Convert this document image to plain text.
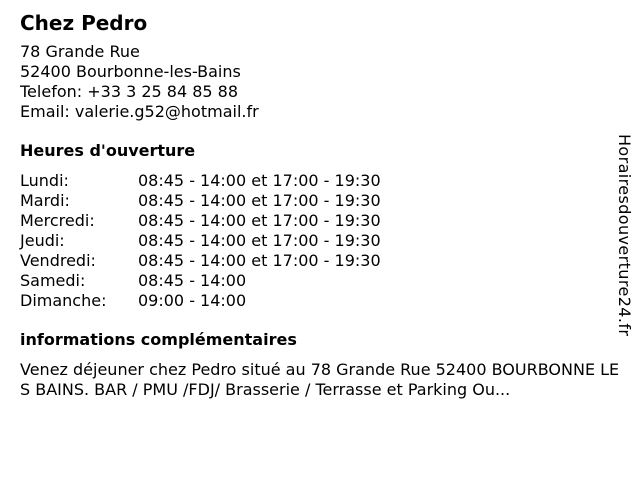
Chez Pedro
78 Grande Rue
52400 Bourbonne-les-Bains
Telefon: +33 3 25 84 85 88
Email: valerie.g52@hotmail.fr
Heures d'ouverture
Lundi:	08:45 - 14:00 et 17:00 - 19:30
Mardi:	08:45 - 14:00 et 17:00 - 19:30
Mercredi:	08:45 - 14:00 et 17:00 - 19:30
Jeudi:	08:45 - 14:00 et 17:00 - 19:30
Vendredi:	08:45 - 14:00 et 17:00 - 19:30
Samedi:	08:45 - 14:00
Dimanche:	09:00 - 14:00
informations complémentaires
Venez déjeuner chez Pedro situé au 78 Grande Rue 52400 BOURBONNE LES BAINS. BAR / PMU /FDJ/ Brasserie / Terrasse et Parking Ou...
Horairesdouverture24.fr
